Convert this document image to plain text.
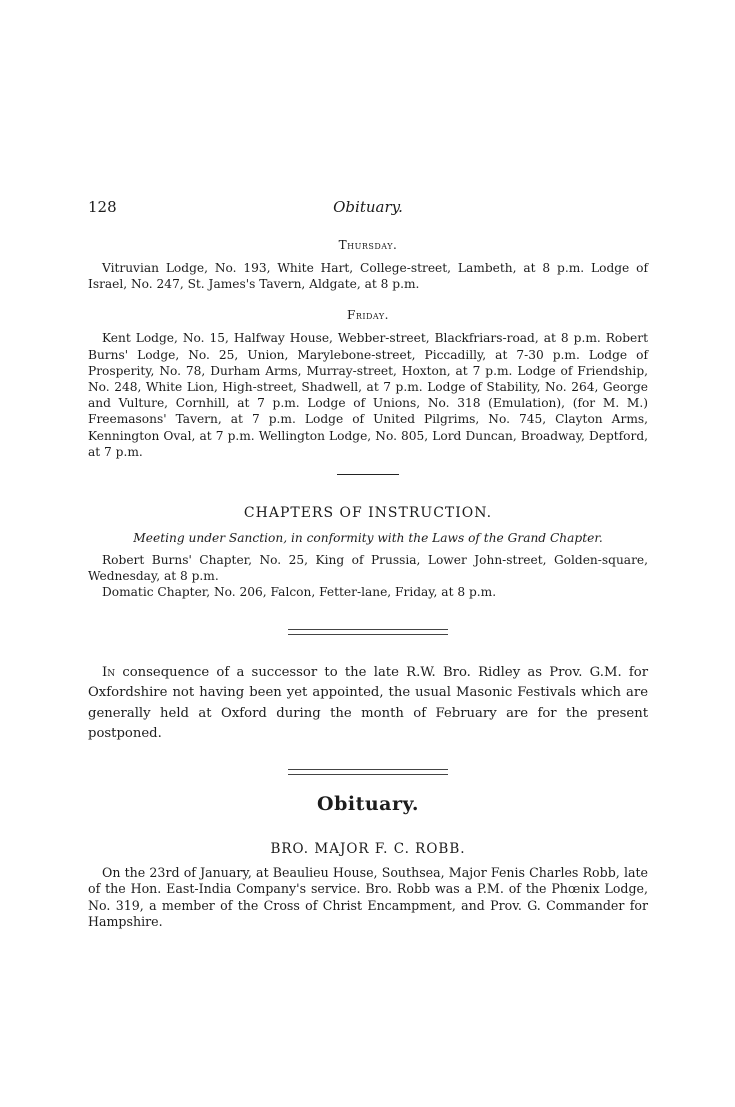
128	Obituary.
Thursday.

Vitruvian Lodge, No. 193, White Hart, College-street, Lambeth, at 8 p.m. Lodge of Israel, No. 247, St. James's Tavern, Aldgate, at 8 p.m.

Friday.

Kent Lodge, No. 15, Halfway House, Webber-street, Blackfriars-road, at 8 p.m. Robert Burns' Lodge, No. 25, Union, Marylebone-street, Piccadilly, at 7-30 p.m. Lodge of Prosperity, No. 78, Durham Arms, Murray-street, Hoxton, at 7 p.m. Lodge of Friendship, No. 248, White Lion, High-street, Shadwell, at 7 p.m. Lodge of Stability, No. 264, George and Vulture, Cornhill, at 7 p.m. Lodge of Unions, No. 318 (Emulation), (for M. M.) Freemasons' Tavern, at 7 p.m. Lodge of United Pilgrims, No. 745, Clayton Arms, Kennington Oval, at 7 p.m. Wellington Lodge, No. 805, Lord Duncan, Broadway, Deptford, at 7 p.m.

CHAPTERS OF INSTRUCTION.
Meeting under Sanction, in conformity with the Laws of the Grand Chapter.

Robert Burns' Chapter, No. 25, King of Prussia, Lower John-street, Golden-square, Wednesday, at 8 p.m.

Domatic Chapter, No. 206, Falcon, Fetter-lane, Friday, at 8 p.m.

In consequence of a successor to the late R.W. Bro. Ridley as Prov. G.M. for Oxfordshire not having been yet appointed, the usual Masonic Festivals which are generally held at Oxford during the month of February are for the present postponed.

Obituary.
BRO. MAJOR F. C. ROBB.

On the 23rd of January, at Beaulieu House, Southsea, Major Fenis Charles Robb, late of the Hon. East-India Company's service. Bro. Robb was a P.M. of the Phœnix Lodge, No. 319, a member of the Cross of Christ Encampment, and Prov. G. Commander for Hampshire.
